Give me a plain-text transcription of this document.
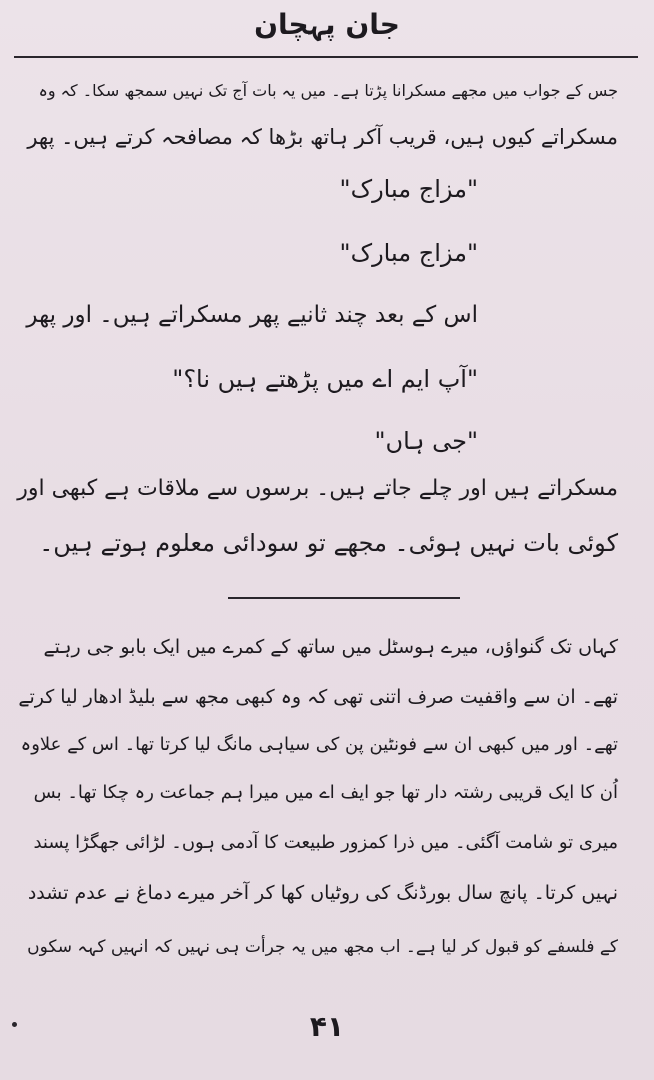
جان پہچان
جس کے جواب میں مجھے مسکرانا پڑتا ہے۔ میں یہ بات آج تک نہیں سمجھ سکا۔ کہ وہ
مسکراتے کیوں ہیں، قریب آکر ہاتھ بڑھا کہ مصافحہ کرتے ہیں۔ پھر
"مزاج مبارک"
"مزاج مبارک"
اس کے بعد چند ثانیے پھر مسکراتے ہیں۔ اور پھر
"آپ ایم اے میں پڑھتے ہیں نا؟"
"جی ہاں"
مسکراتے ہیں اور چلے جاتے ہیں۔ برسوں سے ملاقات ہے کبھی اور
کوئی بات نہیں ہوئی۔ مجھے تو سودائی معلوم ہوتے ہیں۔
کہاں تک گنواؤں، میرے ہوسٹل میں ساتھ کے کمرے میں ایک بابو جی رہتے
تھے۔ ان سے واقفیت صرف اتنی تھی کہ وہ کبھی مجھ سے بلیڈ ادھار لیا کرتے
تھے۔ اور میں کبھی ان سے فونٹین پن کی سیاہی مانگ لیا کرتا تھا۔ اس کے علاوہ
اُن کا ایک قریبی رشتہ دار تھا جو ایف اے میں میرا ہم جماعت رہ چکا تھا۔ بس
میری تو شامت آگئی۔ میں ذرا کمزور طبیعت کا آدمی ہوں۔ لڑائی جھگڑا پسند
نہیں کرتا۔ پانچ سال بورڈنگ کی روٹیاں کھا کر آخر میرے دماغ نے عدم تشدد
کے فلسفے کو قبول کر لیا ہے۔ اب مجھ میں یہ جرأت ہی نہیں کہ انہیں کہہ سکوں
۴۱
